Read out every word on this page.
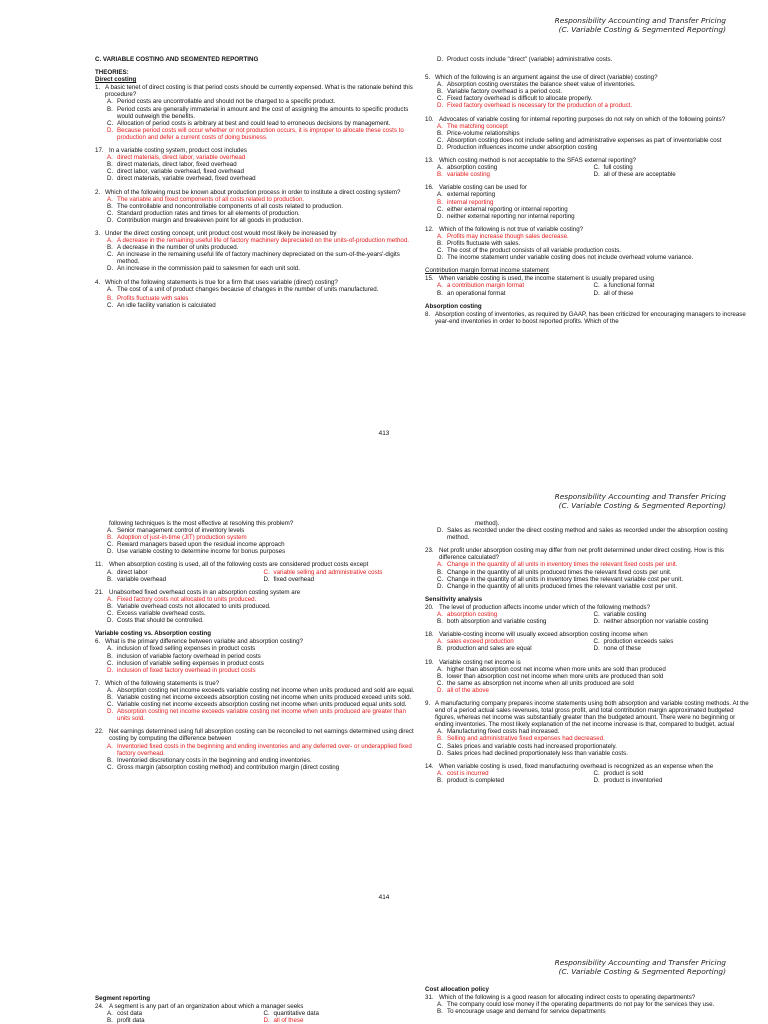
Responsibility Accounting and Transfer Pricing
(C. Variable Costing & Segmented Reporting)
C. VARIABLE COSTING AND SEGMENTED REPORTING
THEORIES:
Direct costing
1. A basic tenet of direct costing is that period costs should be currently expensed. What is the rationale behind this procedure?
A. Period costs are uncontrollable and should not be charged to a specific product.
B. Period costs are generally immaterial in amount and the cost of assigning the amounts to specific products would outweigh the benefits.
C. Allocation of period costs is arbitrary at best and could lead to erroneous decisions by management.
D. Because period costs will occur whether or not production occurs, it is improper to allocate these costs to production and defer a current costs of doing business.
17. In a variable costing system, product cost includes
A. direct materials, direct labor, variable overhead
B. direct materials, direct labor, fixed overhead
C. direct labor, variable overhead, fixed overhead
D. direct materials, variable overhead, fixed overhead
2. Which of the following must be known about production process in order to institute a direct costing system?
A. The variable and fixed components of all costs related to production.
B. The controllable and noncontrollable components of all costs related to production.
C. Standard production rates and times for all elements of production.
D. Contribution margin and breakeven point for all goods in production.
3. Under the direct costing concept, unit product cost would most likely be increased by
A. A decrease in the remaining useful life of factory machinery depreciated on the units-of-production method.
B. A decrease in the number of units produced.
C. An increase in the remaining useful life of factory machinery depreciated on the sum-of-the-years'-digits method.
D. An increase in the commission paid to salesmen for each unit sold.
4. Which of the following statements is true for a firm that uses variable (direct) costing?
A. The cost of a unit of product changes because of changes in the number of units manufactured.
B. Profits fluctuate with sales
C. An idle facility variation is calculated
D. Product costs include "direct" (variable) administrative costs.
5. Which of the following is an argument against the use of direct (variable) costing?
A. Absorption costing overstates the balance sheet value of inventories.
B. Variable factory overhead is a period cost.
C. Fixed factory overhead is difficult to allocate properly.
D. Fixed factory overhead is necessary for the production of a product.
10. Advocates of variable costing for internal reporting purposes do not rely on which of the following points?
A. The matching concept
B. Price-volume relationships
C. Absorption costing does not include selling and administrative expenses as part of inventoriable cost
D. Production influences income under absorption costing
13. Which costing method is not acceptable to the SFAS external reporting?
A. absorption costing	C. full costing
B. variable costing	D. all of these are acceptable
16. Variable costing can be used for
A. external reporting
B. internal reporting
C. either external reporting or internal reporting
D. neither external reporting nor internal reporting
12. Which of the following is not true of variable costing?
A. Profits may increase though sales decrease.
B. Profits fluctuate with sales.
C. The cost of the product consists of all variable production costs.
D. The income statement under variable costing does not include overhead volume variance.
Contribution margin format income statement
15. When variable costing is used, the income statement is usually prepared using
A. a contribution margin format	C. a functional format
B. an operational format	D. all of these
Absorption costing
8. Absorption costing of inventories, as required by GAAP, has been criticized for encouraging managers to increase year-end inventories in order to boost reported profits. Which of the
413
Responsibility Accounting and Transfer Pricing
(C. Variable Costing & Segmented Reporting)
following techniques is the most effective at resolving this problem?
A. Senior management control of inventory levels
B. Adoption of just-in-time (JIT) production system
C. Reward managers based upon the residual income approach
D. Use variable costing to determine income for bonus purposes
11. When absorption costing is used, all of the following costs are considered product costs except
A. direct labor	C. variable selling and administrative costs
B. variable overhead	D. fixed overhead
21. Unabsorbed fixed overhead costs in an absorption costing system are
A. Fixed factory costs not allocated to units produced.
B. Variable overhead costs not allocated to units produced.
C. Excess variable overhead costs.
D. Costs that should be controlled.
Variable costing vs. Absorption costing
6. What is the primary difference between variable and absorption costing?
A. inclusion of fixed selling expenses in product costs
B. inclusion of variable factory overhead in period costs
C. inclusion of variable selling expenses in product costs
D. inclusion of fixed factory overhead in product costs
7. Which of the following statements is true?
A. Absorption costing net income exceeds variable costing net income when units produced and sold are equal.
B. Variable costing net income exceeds absorption costing net income when units produced exceed units sold.
C. Variable costing net income exceeds absorption costing net income when units produced equal units sold.
D. Absorption costing net income exceeds variable costing net income when units produced are greater than units sold.
22. Net earnings determined using full absorption costing can be reconciled to net earnings determined using direct costing by computing the difference between
A. Inventoried fixed costs in the beginning and ending inventories and any deferred over- or underapplied fixed factory overhead.
B. Inventoried discretionary costs in the beginning and ending inventories.
C. Gross margin (absorption costing method) and contribution margin (direct costing
method).
D. Sales as recorded under the direct costing method and sales as recorded under the absorption costing method.
23. Net profit under absorption costing may differ from net profit determined under direct costing. How is this difference calculated?
A. Change in the quantity of all units in inventory times the relevant fixed costs per unit.
B. Change in the quantity of all units produced times the relevant fixed costs per unit.
C. Change in the quantity of all units in inventory times the relevant variable cost per unit.
D. Change in the quantity of all units produced times the relevant variable cost per unit.
Sensitivity analysis
20. The level of production affects income under which of the following methods?
A. absorption costing	C. variable costing
B. both absorption and variable costing	D. neither absorption nor variable costing
18. Variable-costing income will usually exceed absorption costing income when
A. sales exceed production	C. production exceeds sales
B. production and sales are equal	D. none of these
19. Variable costing net income is
A. higher than absorption cost net income when more units are sold than produced
B. lower than absorption cost net income when more units are produced than sold
C. the same as absorption net income when all units produced are sold
D. all of the above
9. A manufacturing company prepares income statements using both absorption and variable costing methods. At the end of a period actual sales revenues, total gross profit, and total contribution margin approximated budgeted figures, whereas net income was substantially greater than the budgeted amount. There were no beginning or ending inventories. The most likely explanation of the net income increase is that, compared to budget, actual
A. Manufacturing fixed costs had increased.
B. Selling and administrative fixed expenses had decreased.
C. Sales prices and variable costs had increased proportionately.
D. Sales prices had declined proportionately less than variable costs.
14. When variable costing is used, fixed manufacturing overhead is recognized as an expense when the
A. cost is incurred	C. product is sold
B. product is completed	D. product is inventoried
414
Responsibility Accounting and Transfer Pricing
(C. Variable Costing & Segmented Reporting)
Segment reporting
24. A segment is any part of an organization about which a manager seeks
A. cost data	C. quantitative data
B. profit data	D. all of these
Cost allocation policy
31. Which of the following is a good reason for allocating indirect costs to operating departments?
A. The company could lose money if the operating departments do not pay for the services they use.
B. To encourage usage and demand for service departments
